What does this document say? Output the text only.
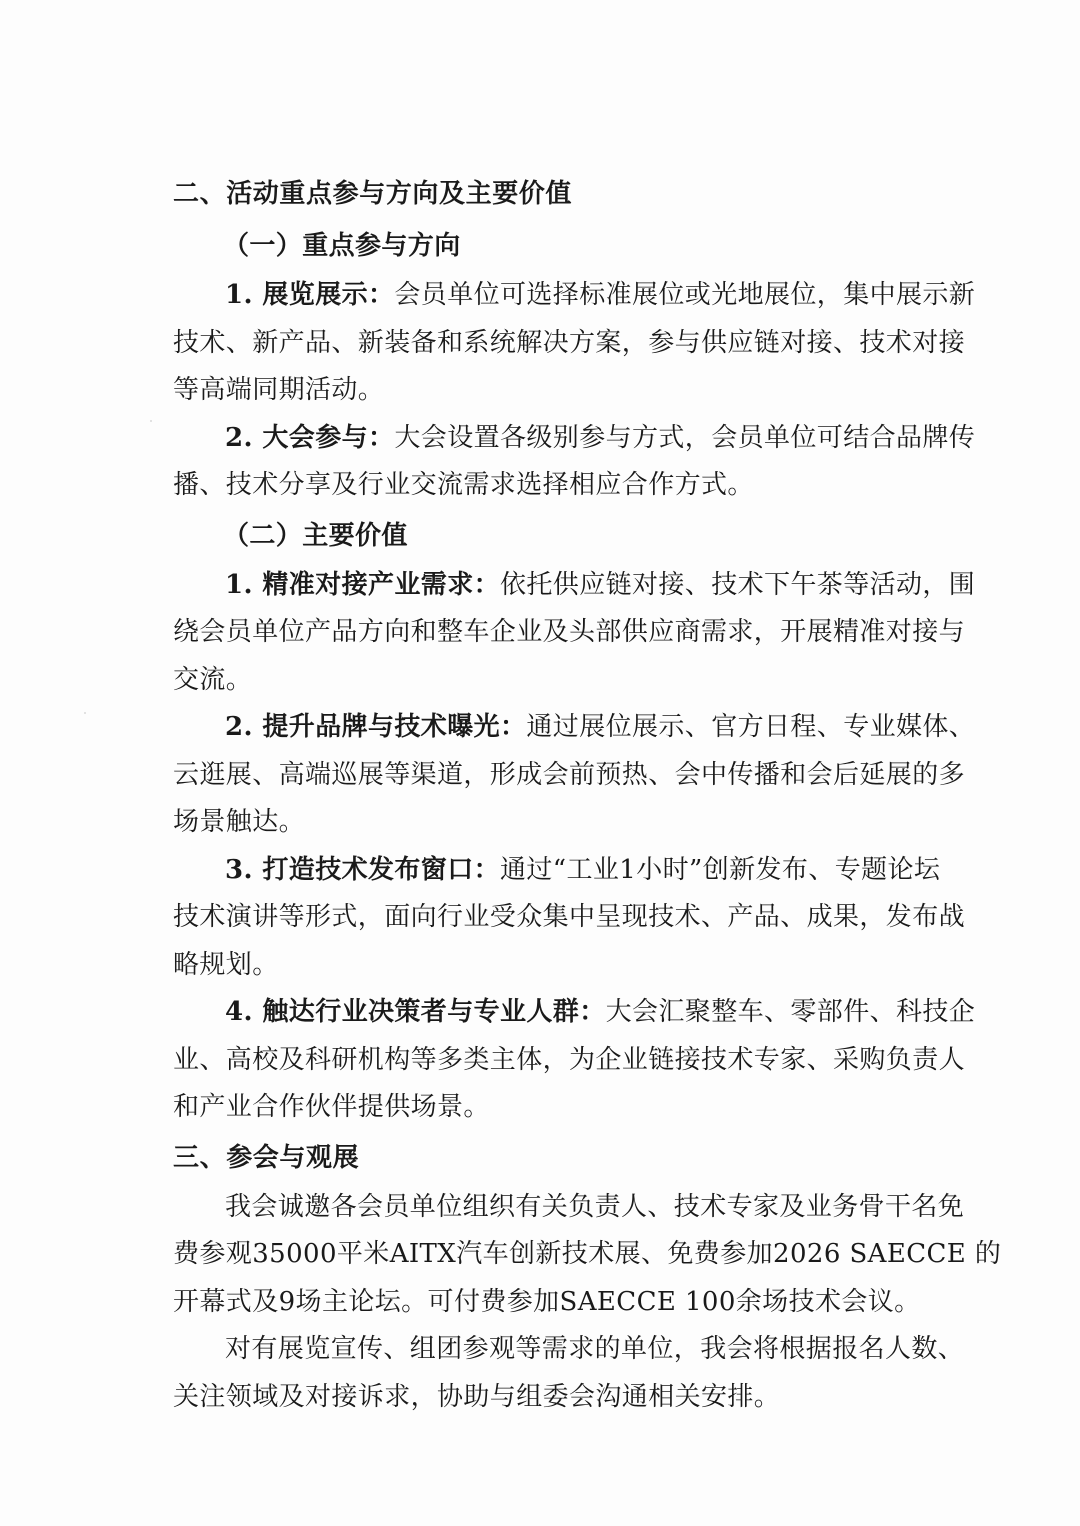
二、活动重点参与方向及主要价值
（一）重点参与方向
1. 展览展示：会员单位可选择标准展位或光地展位，集中展示新
技术、新产品、新装备和系统解决方案，参与供应链对接、技术对接
等高端同期活动。
2. 大会参与：大会设置各级别参与方式，会员单位可结合品牌传
播、技术分享及行业交流需求选择相应合作方式。
（二）主要价值
1. 精准对接产业需求：依托供应链对接、技术下午茶等活动，围
绕会员单位产品方向和整车企业及头部供应商需求，开展精准对接与
交流。
2. 提升品牌与技术曝光：通过展位展示、官方日程、专业媒体、
云逛展、高端巡展等渠道，形成会前预热、会中传播和会后延展的多
场景触达。
3. 打造技术发布窗口：通过“工业1小时”创新发布、专题论坛
技术演讲等形式，面向行业受众集中呈现技术、产品、成果，发布战
略规划。
4. 触达行业决策者与专业人群：大会汇聚整车、零部件、科技企
业、高校及科研机构等多类主体，为企业链接技术专家、采购负责人
和产业合作伙伴提供场景。
三、参会与观展
我会诚邀各会员单位组织有关负责人、技术专家及业务骨干名免
费参观35000平米AITX汽车创新技术展、免费参加2026 SAECCE 的
开幕式及9场主论坛。可付费参加SAECCE 100余场技术会议。
对有展览宣传、组团参观等需求的单位，我会将根据报名人数、
关注领域及对接诉求，协助与组委会沟通相关安排。
